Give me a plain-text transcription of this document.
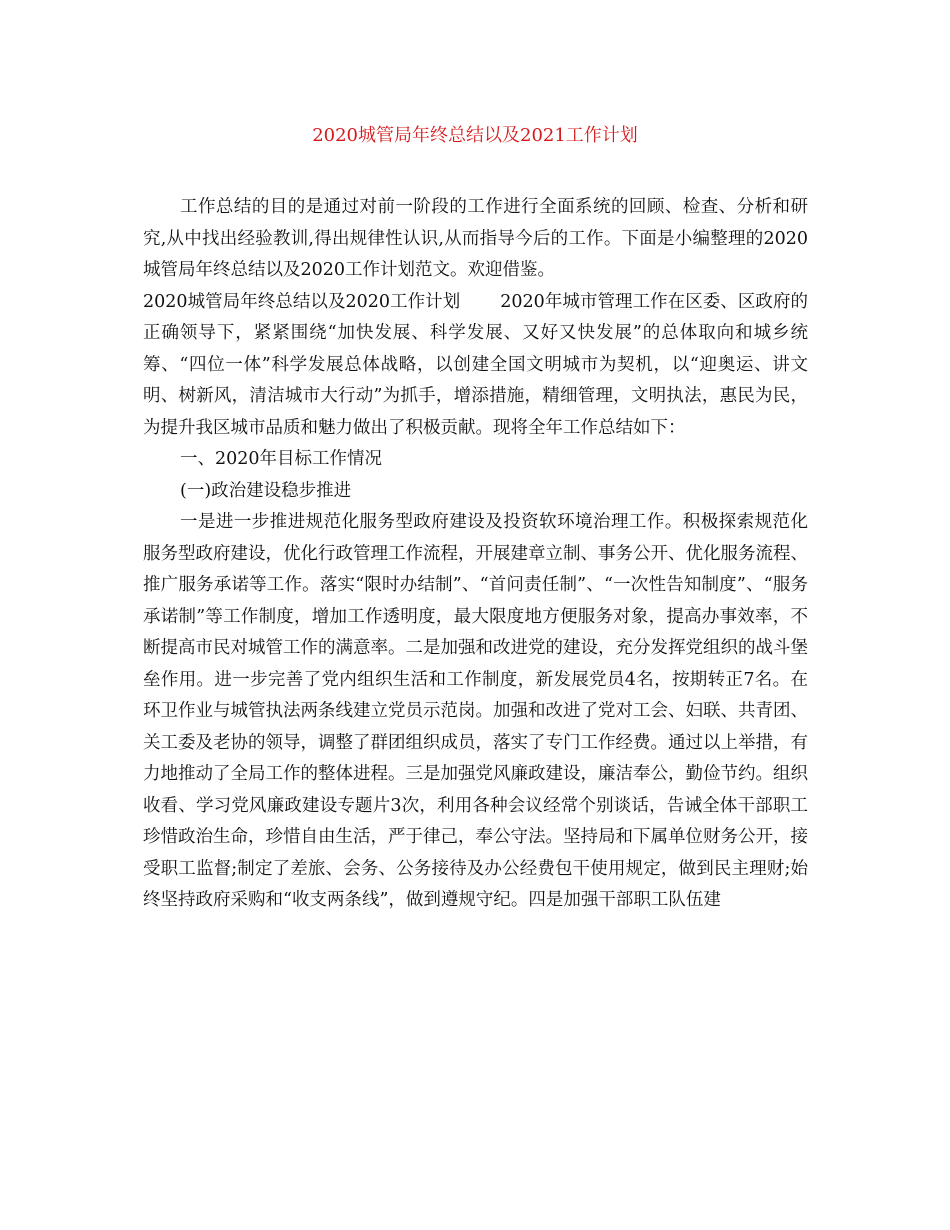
2020城管局年终总结以及2021工作计划

工作总结的目的是通过对前一阶段的工作进行全面系统的回顾、检查、分析和研究,从中找出经验教训,得出规律性认识,从而指导今后的工作。下面是小编整理的2020城管局年终总结以及2020工作计划范文。欢迎借鉴。

2020城管局年终总结以及2020工作计划 2020年城市管理工作在区委、区政府的正确领导下，紧紧围绕“加快发展、科学发展、又好又快发展”的总体取向和城乡统筹、“四位一体”科学发展总体战略，以创建全国文明城市为契机，以“迎奥运、讲文明、树新风，清洁城市大行动”为抓手，增添措施，精细管理，文明执法，惠民为民，为提升我区城市品质和魅力做出了积极贡献。现将全年工作总结如下：

一、2020年目标工作情况

(一)政治建设稳步推进

一是进一步推进规范化服务型政府建设及投资软环境治理工作。积极探索规范化服务型政府建设，优化行政管理工作流程，开展建章立制、事务公开、优化服务流程、推广服务承诺等工作。落实“限时办结制”、“首问责任制”、“一次性告知制度”、“服务承诺制”等工作制度，增加工作透明度，最大限度地方便服务对象，提高办事效率，不断提高市民对城管工作的满意率。二是加强和改进党的建设，充分发挥党组织的战斗堡垒作用。进一步完善了党内组织生活和工作制度，新发展党员4名，按期转正7名。在环卫作业与城管执法两条线建立党员示范岗。加强和改进了党对工会、妇联、共青团、关工委及老协的领导，调整了群团组织成员，落实了专门工作经费。通过以上举措，有力地推动了全局工作的整体进程。三是加强党风廉政建设，廉洁奉公，勤俭节约。组织收看、学习党风廉政建设专题片3次，利用各种会议经常个别谈话，告诫全体干部职工珍惜政治生命，珍惜自由生活，严于律己，奉公守法。坚持局和下属单位财务公开，接受职工监督;制定了差旅、会务、公务接待及办公经费包干使用规定，做到民主理财;始终坚持政府采购和“收支两条线”，做到遵规守纪。四是加强干部职工队伍建
